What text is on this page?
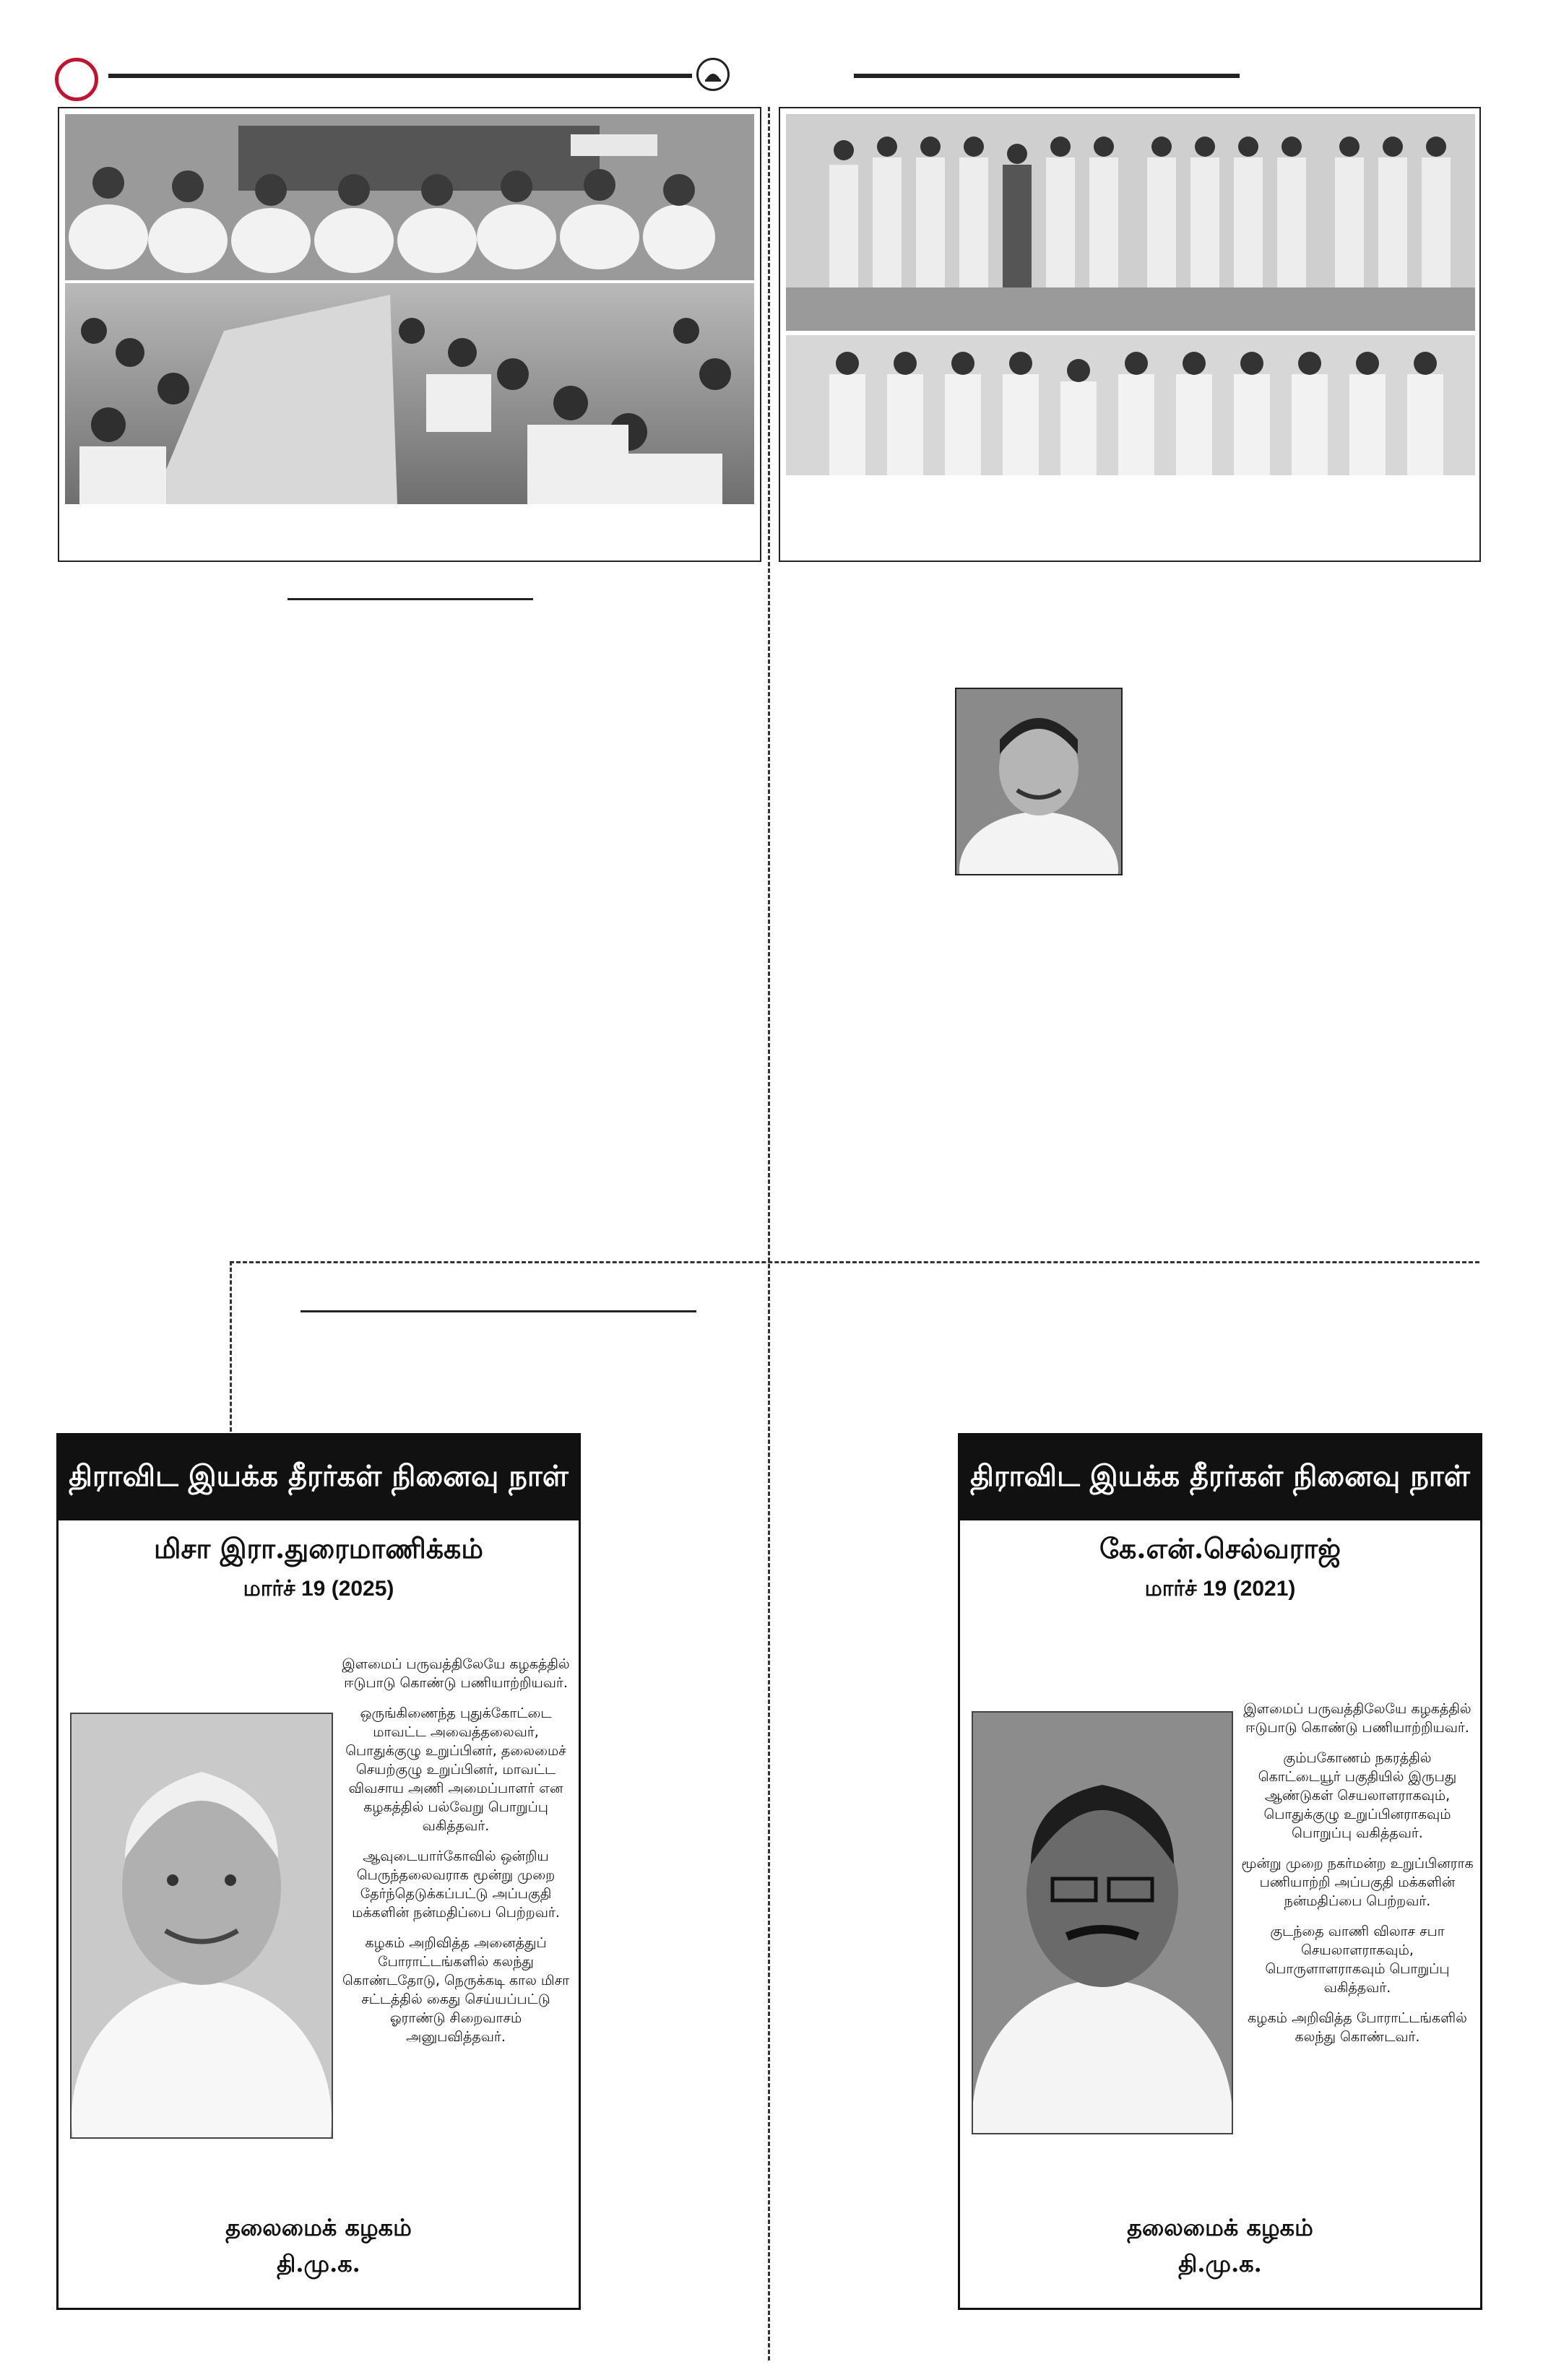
திராவிட இயக்க தீரர்கள் நினைவு நாள்
மிசா இரா.துரைமாணிக்கம்
மார்ச் 19 (2025)

இளமைப் பருவத்திலேயே கழகத்தில் ஈடுபாடு கொண்டு பணியாற்றியவர்.

ஒருங்கிணைந்த புதுக்கோட்டை மாவட்ட அவைத்தலைவர், பொதுக்குழு உறுப்பினர், தலைமைச் செயற்குழு உறுப்பினர், மாவட்ட விவசாய அணி அமைப்பாளர் என கழகத்தில் பல்வேறு பொறுப்பு வகித்தவர்.

ஆவுடையார்கோவில் ஒன்றிய பெருந்தலைவராக மூன்று முறை தேர்ந்தெடுக்கப்பட்டு அப்பகுதி மக்களின் நன்மதிப்பை பெற்றவர்.

கழகம் அறிவித்த அனைத்துப் போராட்டங்களில் கலந்து கொண்டதோடு, நெருக்கடி கால மிசா சட்டத்தில் கைது செய்யப்பட்டு ஓராண்டு சிறைவாசம் அனுபவித்தவர்.

தலைமைக் கழகம்
தி.மு.க.
திராவிட இயக்க தீரர்கள் நினைவு நாள்
கே.என்.செல்வராஜ்
மார்ச் 19 (2021)

இளமைப் பருவத்திலேயே கழகத்தில் ஈடுபாடு கொண்டு பணியாற்றியவர்.

கும்பகோணம் நகரத்தில் கொட்டையூர் பகுதியில் இருபது ஆண்டுகள் செயலாளராகவும், பொதுக்குழு உறுப்பினராகவும் பொறுப்பு வகித்தவர்.

மூன்று முறை நகர்மன்ற உறுப்பினராக பணியாற்றி அப்பகுதி மக்களின் நன்மதிப்பை பெற்றவர்.

குடந்தை வாணி விலாச சபா செயலாளராகவும், பொருளாளராகவும் பொறுப்பு வகித்தவர்.

கழகம் அறிவித்த போராட்டங்களில் கலந்து கொண்டவர்.

தலைமைக் கழகம்
தி.மு.க.
